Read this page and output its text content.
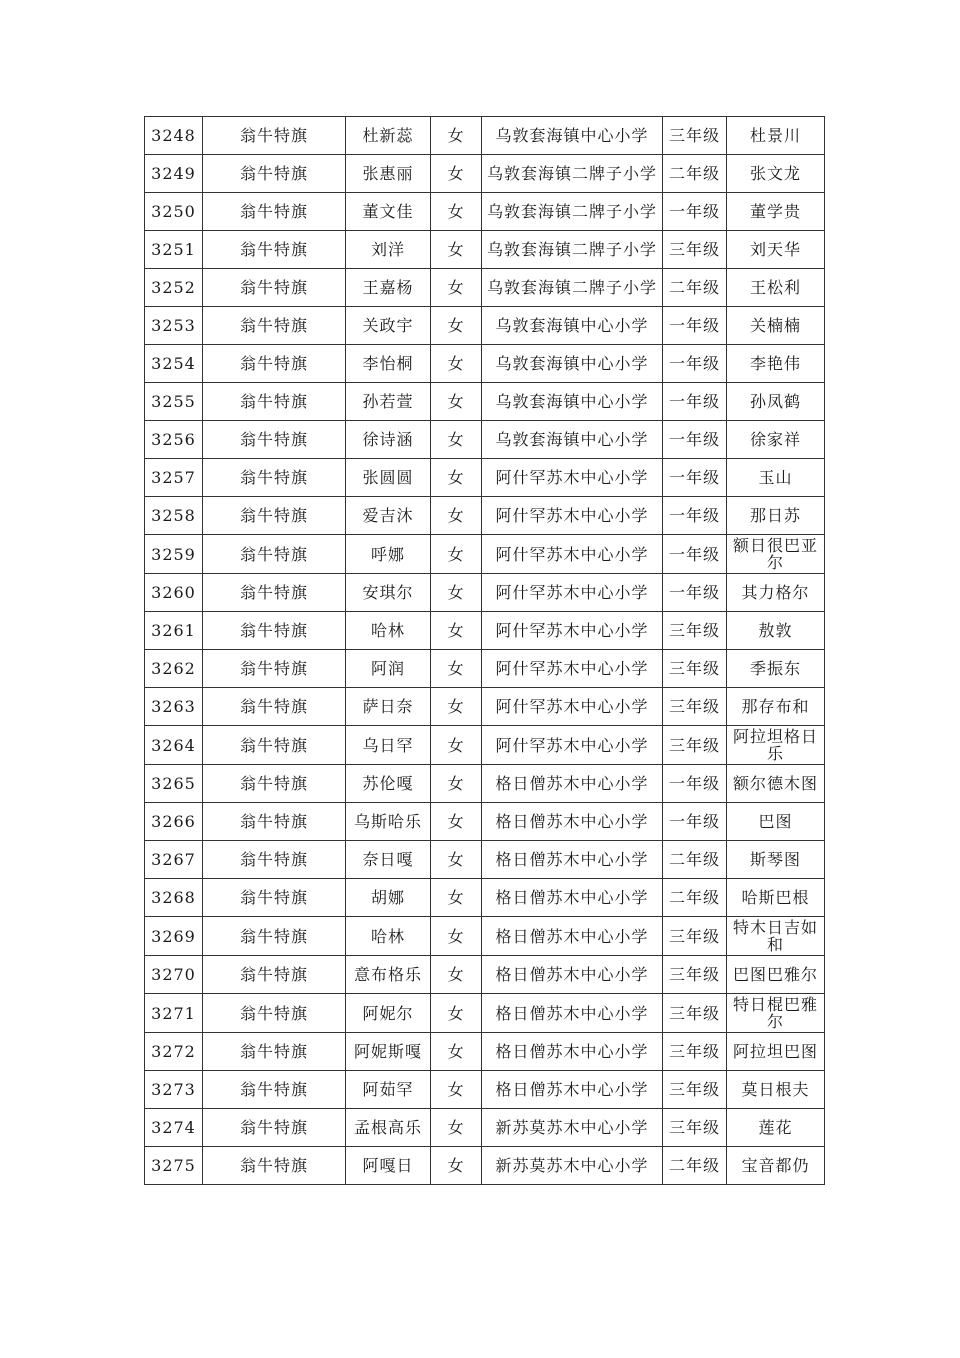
3248	翁牛特旗	杜新蕊	女	乌敦套海镇中心小学	三年级	杜景川
3249	翁牛特旗	张惠丽	女	乌敦套海镇二牌子小学	二年级	张文龙
3250	翁牛特旗	董文佳	女	乌敦套海镇二牌子小学	一年级	董学贵
3251	翁牛特旗	刘洋	女	乌敦套海镇二牌子小学	三年级	刘天华
3252	翁牛特旗	王嘉杨	女	乌敦套海镇二牌子小学	二年级	王松利
3253	翁牛特旗	关政宇	女	乌敦套海镇中心小学	一年级	关楠楠
3254	翁牛特旗	李怡桐	女	乌敦套海镇中心小学	一年级	李艳伟
3255	翁牛特旗	孙若萱	女	乌敦套海镇中心小学	一年级	孙凤鹤
3256	翁牛特旗	徐诗涵	女	乌敦套海镇中心小学	一年级	徐家祥
3257	翁牛特旗	张圆圆	女	阿什罕苏木中心小学	一年级	玉山
3258	翁牛特旗	爱吉沐	女	阿什罕苏木中心小学	一年级	那日苏
3259	翁牛特旗	呼娜	女	阿什罕苏木中心小学	一年级	额日很巴亚尔
3260	翁牛特旗	安琪尔	女	阿什罕苏木中心小学	一年级	其力格尔
3261	翁牛特旗	哈林	女	阿什罕苏木中心小学	三年级	敖敦
3262	翁牛特旗	阿润	女	阿什罕苏木中心小学	三年级	季振东
3263	翁牛特旗	萨日奈	女	阿什罕苏木中心小学	三年级	那存布和
3264	翁牛特旗	乌日罕	女	阿什罕苏木中心小学	三年级	阿拉坦格日乐
3265	翁牛特旗	苏伦嘎	女	格日僧苏木中心小学	一年级	额尔德木图
3266	翁牛特旗	乌斯哈乐	女	格日僧苏木中心小学	一年级	巴图
3267	翁牛特旗	奈日嘎	女	格日僧苏木中心小学	二年级	斯琴图
3268	翁牛特旗	胡娜	女	格日僧苏木中心小学	二年级	哈斯巴根
3269	翁牛特旗	哈林	女	格日僧苏木中心小学	三年级	特木日吉如和
3270	翁牛特旗	意布格乐	女	格日僧苏木中心小学	三年级	巴图巴雅尔
3271	翁牛特旗	阿妮尔	女	格日僧苏木中心小学	三年级	特日棍巴雅尔
3272	翁牛特旗	阿妮斯嘎	女	格日僧苏木中心小学	三年级	阿拉坦巴图
3273	翁牛特旗	阿茹罕	女	格日僧苏木中心小学	三年级	莫日根夫
3274	翁牛特旗	孟根高乐	女	新苏莫苏木中心小学	三年级	莲花
3275	翁牛特旗	阿嘎日	女	新苏莫苏木中心小学	二年级	宝音都仍
